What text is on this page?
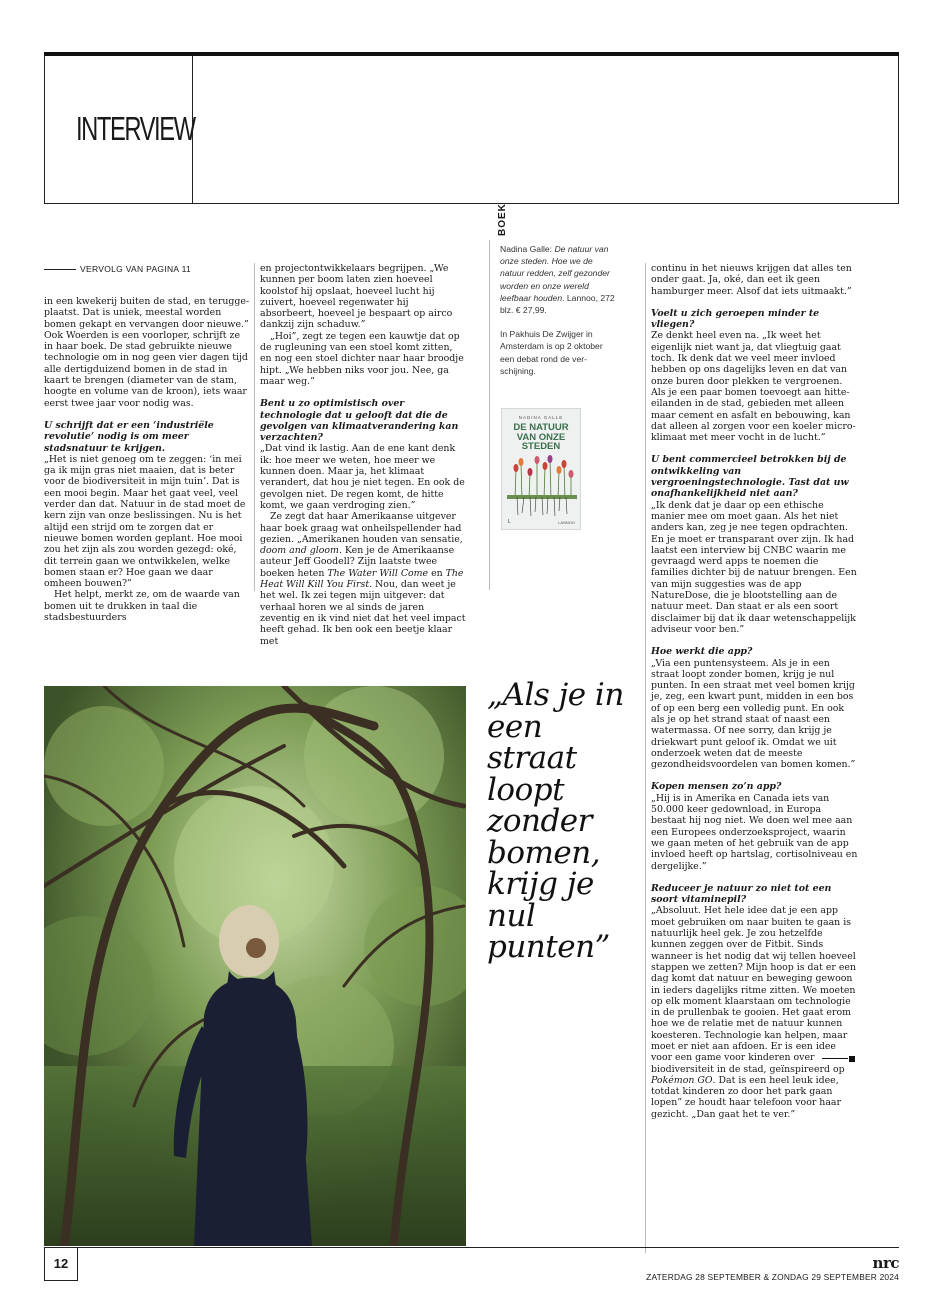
INTERVIEW
VERVOLG VAN PAGINA 11

in een kwekerij buiten de stad, en teruggeplaatst. Dat is uniek, meestal worden bomen gekapt en vervangen door nieuwe.” Ook Woerden is een voorloper, schrijft ze in haar boek. De stad gebruikte nieuwe technologie om in nog geen vier dagen tijd alle dertigduizend bomen in de stad in kaart te brengen (diameter van de stam, hoogte en volume van de kroon), iets waar eerst twee jaar voor nodig was.

U schrijft dat er een ‘industriële revolutie’ nodig is om meer stadsnatuur te krijgen.

„Het is niet genoeg om te zeggen: ‘in mei ga ik mijn gras niet maaien, dat is beter voor de biodiversiteit in mijn tuin’. Dat is een mooi begin. Maar het gaat veel, veel verder dan dat. Natuur in de stad moet de kern zijn van onze beslissingen. Nu is het altijd een strijd om te zorgen dat er nieuwe bomen worden geplant. Hoe mooi zou het zijn als zou worden gezegd: oké, dit terrein gaan we ontwikkelen, welke bomen staan er? Hoe gaan we daar omheen bouwen?”

Het helpt, merkt ze, om de waarde van bomen uit te drukken in taal die stadsbestuurders

en projectontwikkelaars begrijpen. „We kunnen per boom laten zien hoeveel koolstof hij opslaat, hoeveel lucht hij zuivert, hoeveel regenwater hij absorbeert, hoeveel je bespaart op airco dankzij zijn schaduw.”

„Hoi”, zegt ze tegen een kauwtje dat op de rugleuning van een stoel komt zitten, en nog een stoel dichter naar haar broodje hipt. „We hebben niks voor jou. Nee, ga maar weg.”

Bent u zo optimistisch over technologie dat u gelooft dat die de gevolgen van klimaatverandering kan verzachten?

„Dat vind ik lastig. Aan de ene kant denk ik: hoe meer we weten, hoe meer we kunnen doen. Maar ja, het klimaat verandert, dat hou je niet tegen. En ook de gevolgen niet. De regen komt, de hitte komt, we gaan verdroging zien.”

Ze zegt dat haar Amerikaanse uitgever haar boek graag wat onheilspellender had gezien. „Amerikanen houden van sensatie, doom and gloom. Ken je de Amerikaanse auteur Jeff Goodell? Zijn laatste twee boeken heten The Water Will Come en The Heat Will Kill You First. Nou, dan weet je het wel. Ik zei tegen mijn uitgever: dat verhaal horen we al sinds de jaren zeventig en ik vind niet dat het veel impact heeft gehad. Ik ben ook een beetje klaar met

BOEK

Nadina Galle: De natuur van onze steden. Hoe we de natuur redden, zelf gezonder worden en onze wereld leefbaar houden. Lannoo, 272 blz. € 27,99.

In Pakhuis De Zwijger in Amsterdam is op 2 oktober een debat rond de verschijning.

NADINA GALLE
DE NATUUR
VAN ONZE
STEDEN
L	LANNOO

continu in het nieuws krijgen dat alles ten onder gaat. Ja, oké, dan eet ik geen hamburger meer. Alsof dat iets uitmaakt.”

Voelt u zich geroepen minder te vliegen?

Ze denkt heel even na. „Ik weet het eigenlijk niet want ja, dat vliegtuig gaat toch. Ik denk dat we veel meer invloed hebben op ons dagelijks leven en dat van onze buren door plekken te vergroenen. Als je een paar bomen toevoegt aan hitte-eilanden in de stad, gebieden met alleen maar cement en asfalt en bebouwing, kan dat alleen al zorgen voor een koeler micro-klimaat met meer vocht in de lucht.”

U bent commercieel betrokken bij de ontwikkeling van vergroeningstechnologie. Tast dat uw onafhankelijkheid niet aan?

„Ik denk dat je daar op een ethische manier mee om moet gaan. Als het niet anders kan, zeg je nee tegen opdrachten. En je moet er transparant over zijn. Ik had laatst een interview bij CNBC waarin me gevraagd werd apps te noemen die families dichter bij de natuur brengen. Een van mijn suggesties was de app NatureDose, die je blootstelling aan de natuur meet. Dan staat er als een soort disclaimer bij dat ik daar wetenschappelijk adviseur voor ben.”

Hoe werkt die app?

„Via een puntensysteem. Als je in een straat loopt zonder bomen, krijg je nul punten. In een straat met veel bomen krijg je, zeg, een kwart punt, midden in een bos of op een berg een volledig punt. En ook als je op het strand staat of naast een watermassa. Of nee sorry, dan krijg je driekwart punt geloof ik. Omdat we uit onderzoek weten dat de meeste gezondheidsvoordelen van bomen komen.”

Kopen mensen zo’n app?

„Hij is in Amerika en Canada iets van 50.000 keer gedownload, in Europa bestaat hij nog niet. We doen wel mee aan een Europees onderzoeksproject, waarin we gaan meten of het gebruik van de app invloed heeft op hartslag, cortisolniveau en dergelijke.”

Reduceer je natuur zo niet tot een soort vitaminepil?

„Absoluut. Het hele idee dat je een app moet gebruiken om naar buiten te gaan is natuurlijk heel gek. Je zou hetzelfde kunnen zeggen over de Fitbit. Sinds wanneer is het nodig dat wij tellen hoeveel stappen we zetten? Mijn hoop is dat er een dag komt dat natuur en beweging gewoon in ieders dagelijks ritme zitten. We moeten op elk moment klaarstaan om technologie in de prullenbak te gooien. Het gaat erom hoe we de relatie met de natuur kunnen koesteren. Technologie kan helpen, maar moet er niet aan afdoen. Er is een idee voor een game voor kinderen over biodiversiteit in de stad, geïnspireerd op Pokémon GO. Dat is een heel leuk idee, totdat kinderen zo door het park gaan lopen” ze houdt haar telefoon voor haar gezicht. „Dan gaat het te ver.”

„Als je in een straat loopt zonder bomen, krijg je nul punten”
12	nrc
ZATERDAG 28 SEPTEMBER & ZONDAG 29 SEPTEMBER 2024
